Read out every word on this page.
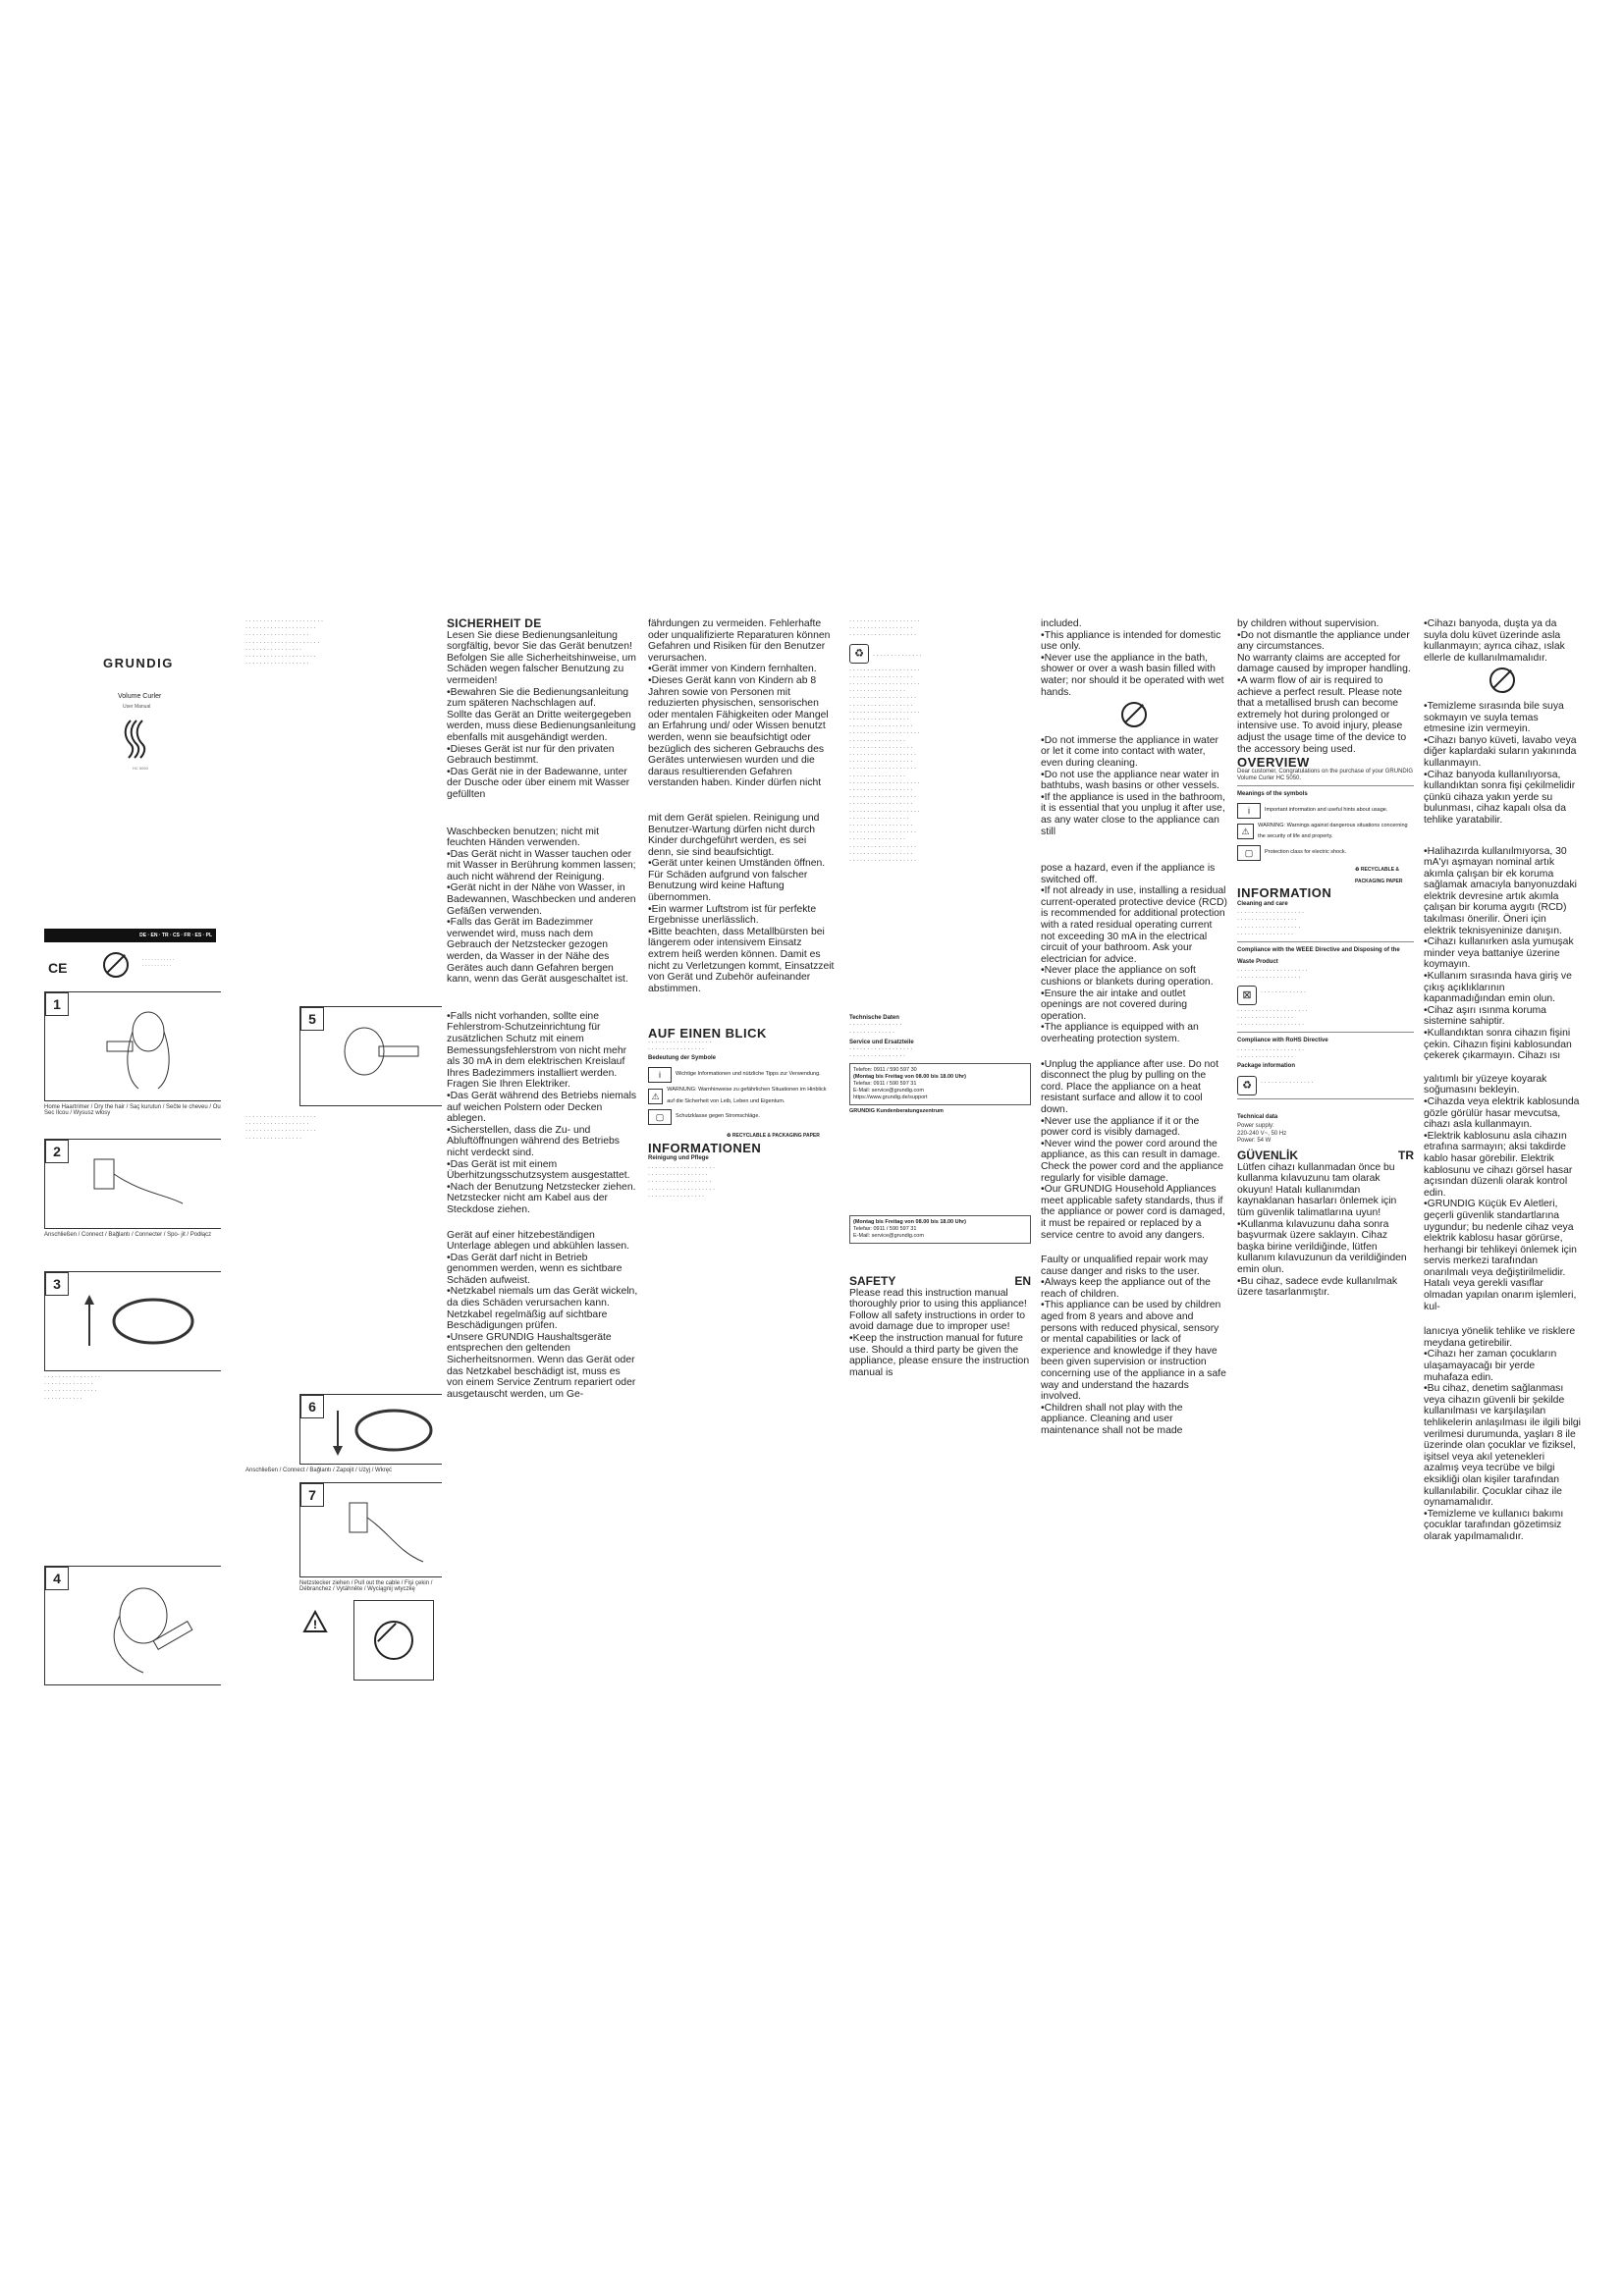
GRUNDIG
Volume Curler
User Manual
HC 5050
DE · EN · TR · CS · FR · ES · PL
CE	· · · · · · · · · · ·
· · · · · · · · · ·
1
Home Haartrimer / Dry the hair / Saç kurutun / Sečte le cheveu / Ou Sec Ilcou / Wysusz włosy
2
Anschließen / Connect / Bağlantı / Connecter / Spo- jit / Podłącz
3
· · · · · · · · · · · · · · · ·
· · · · · · · · · · · · · ·
· · · · · · · · · · · · · · ·
· · · · · · · · · · ·
4
· · · · · · · · · · · · · · · · · · · · · ·
· · · · · · · · · · · · · · · · · · · ·
· · · · · · · · · · · · · · · · · ·
· · · · · · · · · · · · · · · · · · · · ·
· · · · · · · · · · · · · · · ·
· · · · · · · · · · · · · · · · · · · ·
· · · · · · · · · · · · · · · · · ·
5
· · · · · · · · · · · · · · · · · · · ·
· · · · · · · · · · · · · · · · · ·
· · · · · · · · · · · · · · · · · · · ·
· · · · · · · · · · · · · · · ·
6
Anschließen / Connect / Bağlantı / Zapojit / Użyj / Wkręć
7
Netzstecker ziehen / Pull out the cable / Fişi çekin / Débranchez / Vytáhněte / Wyciągnij wtyczkę
!

SICHERHEIT DE

Lesen Sie diese Bedienungsanleitung sorgfältig, bevor Sie das Gerät benutzen! Befolgen Sie alle Sicherheitshinweise, um Schäden wegen falscher Benutzung zu vermeiden!

•Bewahren Sie die Bedienungsanleitung zum späteren Nachschlagen auf.

Sollte das Gerät an Dritte weitergegeben werden, muss diese Bedienungsanleitung ebenfalls mit ausgehändigt werden.

•Dieses Gerät ist nur für den privaten Gebrauch bestimmt.

•Das Gerät nie in der Badewanne, unter der Dusche oder über einem mit Wasser gefüllten

Waschbecken benutzen; nicht mit feuchten Händen verwenden.

•Das Gerät nicht in Wasser tauchen oder mit Wasser in Berührung kommen lassen; auch nicht während der Reinigung.

•Gerät nicht in der Nähe von Wasser, in Badewannen, Waschbecken und anderen Gefäßen verwenden.

•Falls das Gerät im Badezimmer verwendet wird, muss nach dem Gebrauch der Netzstecker gezogen werden, da Wasser in der Nähe des Gerätes auch dann Gefahren bergen kann, wenn das Gerät ausgeschaltet ist.

•Falls nicht vorhanden, sollte eine Fehlerstrom-Schutzeinrichtung für zusätzlichen Schutz mit einem Bemessungsfehlerstrom von nicht mehr als 30 mA in dem elektrischen Kreislauf Ihres Badezimmers installiert werden. Fragen Sie Ihren Elektriker.

•Das Gerät während des Betriebs niemals auf weichen Polstern oder Decken ablegen.

•Sicherstellen, dass die Zu- und Abluftöffnungen während des Betriebs nicht verdeckt sind.

•Das Gerät ist mit einem Überhitzungsschutzsystem ausgestattet.

•Nach der Benutzung Netzstecker ziehen. Netzstecker nicht am Kabel aus der Steckdose ziehen.

Gerät auf einer hitzebeständigen Unterlage ablegen und abkühlen lassen.

•Das Gerät darf nicht in Betrieb genommen werden, wenn es sichtbare Schäden aufweist.

•Netzkabel niemals um das Gerät wickeln, da dies Schäden verursachen kann. Netzkabel regelmäßig auf sichtbare Beschädigungen prüfen.

•Unsere GRUNDIG Haushaltsgeräte entsprechen den geltenden Sicherheitsnormen. Wenn das Gerät oder das Netzkabel beschädigt ist, muss es von einem Service Zentrum repariert oder ausgetauscht werden, um Ge-

fährdungen zu vermeiden. Fehlerhafte oder unqualifizierte Reparaturen können Gefahren und Risiken für den Benutzer verursachen.

•Gerät immer von Kindern fernhalten.

•Dieses Gerät kann von Kindern ab 8 Jahren sowie von Personen mit reduzierten physischen, sensorischen oder mentalen Fähigkeiten oder Mangel an Erfahrung und/ oder Wissen benutzt werden, wenn sie beaufsichtigt oder bezüglich des sicheren Gebrauchs des Gerätes unterwiesen wurden und die daraus resultierenden Gefahren verstanden haben. Kinder dürfen nicht

mit dem Gerät spielen. Reinigung und Benutzer-Wartung dürfen nicht durch Kinder durchgeführt werden, es sei denn, sie sind beaufsichtigt.

•Gerät unter keinen Umständen öffnen.

Für Schäden aufgrund von falscher Benutzung wird keine Haftung übernommen.

•Ein warmer Luftstrom ist für perfekte Ergebnisse unerlässlich.

•Bitte beachten, dass Metallbürsten bei längerem oder intensivem Einsatz extrem heiß werden können. Damit es nicht zu Verletzungen kommt, Einsatzzeit von Gerät und Zubehör aufeinander abstimmen.

AUF EINEN BLICK

· · · · · · · · · · · · · · · · · ·
· · · · · · · · · · · · · · · ·

Bedeutung der Symbole

i	Wichtige Informationen und nützliche Tipps zur Verwendung.
⚠
WARNUNG: Warnhinweise zu gefährlichen Situationen im Hinblick auf die Sicherheit von Leib, Leben und Eigentum.
▢	Schutzklasse gegen Stromschläge.
♻ RECYCLABLE & PACKAGING PAPER

INFORMATIONEN

Reinigung und Pflege

· · · · · · · · · · · · · · · · · · ·
· · · · · · · · · · · · · · · · ·
· · · · · · · · · · · · · · · · · ·
· · · · · · · · · · · · · · · · · · ·
· · · · · · · · · · · · · · · ·
· · · · · · · · · · · · · · · · · · · ·
· · · · · · · · · · · · · · · · · ·
· · · · · · · · · · · · · · · · · · ·
♻ · · · · · · · · · · · · · ·
· · · · · · · · · · · · · · · · · · · ·
· · · · · · · · · · · · · · · · · ·
· · · · · · · · · · · · · · · · · · · ·
· · · · · · · · · · · · · · · ·
· · · · · · · · · · · · · · · · · · ·
· · · · · · · · · · · · · · · · · ·
· · · · · · · · · · · · · · · · · · · ·
· · · · · · · · · · · · · · · · ·
· · · · · · · · · · · · · · · · · ·
· · · · · · · · · · · · · · · · · · · ·
· · · · · · · · · · · · · · · ·
· · · · · · · · · · · · · · · · · ·
· · · · · · · · · · · · · · · · · · ·
· · · · · · · · · · · · · · · · · ·
· · · · · · · · · · · · · · · · · · ·
· · · · · · · · · · · · · · · ·
· · · · · · · · · · · · · · · · · · · ·
· · · · · · · · · · · · · · · · · ·
· · · · · · · · · · · · · · · · · · ·
· · · · · · · · · · · · · · · · · ·
· · · · · · · · · · · · · · · · · · · ·
· · · · · · · · · · · · · · · · ·
· · · · · · · · · · · · · · · · · ·
· · · · · · · · · · · · · · · · · · ·
· · · · · · · · · · · · · · · ·
· · · · · · · · · · · · · · · · · · ·
· · · · · · · · · · · · · · · · · ·
· · · · · · · · · · · · · · · · · · ·

Technische Daten

· · · · · · · · · · · · · · ·
· · · · · · · · · · · · ·

Service und Ersatzteile

· · · · · · · · · · · · · · · · · ·
· · · · · · · · · · · · · · · ·
Telefon: 0911 / 590 597 30
(Montag bis Freitag von 08.00 bis 18.00 Uhr)
Telefax: 0911 / 590 597 31
E-Mail: service@grundig.com
https://www.grundig.de/support
GRUNDIG Kundenberatungszentrum
(Montag bis Freitag von 08.00 bis 18.00 Uhr)
Telefax: 0911 / 590 597 31
E-Mail: service@grundig.com
SAFETY	EN

Please read this instruction manual thoroughly prior to using this appliance! Follow all safety instructions in order to avoid damage due to improper use!

•Keep the instruction manual for future use. Should a third party be given the appliance, please ensure the instruction manual is

included.

•This appliance is intended for domestic use only.

•Never use the appliance in the bath, shower or over a wash basin filled with water; nor should it be operated with wet hands.

•Do not immerse the appliance in water or let it come into contact with water, even during cleaning.

•Do not use the appliance near water in bathtubs, wash basins or other vessels.

•If the appliance is used in the bathroom, it is essential that you unplug it after use, as any water close to the appliance can still

pose a hazard, even if the appliance is switched off.

•If not already in use, installing a residual current-operated protective device (RCD) is recommended for additional protection with a rated residual operating current not exceeding 30 mA in the electrical circuit of your bathroom. Ask your electrician for advice.

•Never place the appliance on soft cushions or blankets during operation.

•Ensure the air intake and outlet openings are not covered during operation.

•The appliance is equipped with an overheating protection system.

•Unplug the appliance after use. Do not disconnect the plug by pulling on the cord. Place the appliance on a heat resistant surface and allow it to cool down.

•Never use the appliance if it or the power cord is visibly damaged.

•Never wind the power cord around the appliance, as this can result in damage.

Check the power cord and the appliance regularly for visible damage.

•Our GRUNDIG Household Appliances meet applicable safety standards, thus if the appliance or power cord is damaged, it must be repaired or replaced by a service centre to avoid any dangers.

Faulty or unqualified repair work may cause danger and risks to the user.

•Always keep the appliance out of the reach of children.

•This appliance can be used by children aged from 8 years and above and persons with reduced physical, sensory or mental capabilities or lack of experience and knowledge if they have been given supervision or instruction concerning use of the appliance in a safe way and understand the hazards involved.

•Children shall not play with the appliance. Cleaning and user maintenance shall not be made

by children without supervision.

•Do not dismantle the appliance under any circumstances.

No warranty claims are accepted for damage caused by improper handling.

•A warm flow of air is required to achieve a perfect result. Please note that a metallised brush can become extremely hot during prolonged or intensive use. To avoid injury, please adjust the usage time of the device to the accessory being used.

OVERVIEW

Dear customer, Congratulations on the purchase of your GRUNDIG Volume Curler HC 5050.

Meanings of the symbols

i	Important information and useful hints about usage.
⚠
WARNING: Warnings against dangerous situations concerning the security of life and property.
▢	Protection class for electric shock.
♻ RECYCLABLE & PACKAGING PAPER

INFORMATION

Cleaning and care

· · · · · · · · · · · · · · · · · · ·
· · · · · · · · · · · · · · · · ·
· · · · · · · · · · · · · · · · · ·
· · · · · · · · · · · · · · · ·

Compliance with the WEEE Directive and Disposing of the Waste Product

· · · · · · · · · · · · · · · · · · · ·
· · · · · · · · · · · · · · · · · ·
⊠ · · · · · · · · · · · · ·
· · · · · · · · · · · · · · · · · · · ·
· · · · · · · · · · · · · · · ·
· · · · · · · · · · · · · · · · · · ·

Compliance with RoHS Directive

· · · · · · · · · · · · · · · · · · ·
· · · · · · · · · · · · · · · ·

Package information

♻ · · · · · · · · · · · · · · ·

Technical data

Power supply:
220-240 V~, 50 Hz
Power: 54 W
GÜVENLİK	TR

Lütfen cihazı kullanmadan önce bu kullanma kılavuzunu tam olarak okuyun! Hatalı kullanımdan kaynaklanan hasarları önlemek için tüm güvenlik talimatlarına uyun!

•Kullanma kılavuzunu daha sonra başvurmak üzere saklayın. Cihaz başka birine verildiğinde, lütfen kullanım kılavuzunun da verildiğinden emin olun.

•Bu cihaz, sadece evde kullanılmak üzere tasarlanmıştır.

•Cihazı banyoda, duşta ya da suyla dolu küvet üzerinde asla kullanmayın; ayrıca cihaz, ıslak ellerle de kullanılmamalıdır.

•Temizleme sırasında bile suya sokmayın ve suyla temas etmesine izin vermeyin.

•Cihazı banyo küveti, lavabo veya diğer kaplardaki suların yakınında kullanmayın.

•Cihaz banyoda kullanılıyorsa, kullandıktan sonra fişi çekilmelidir çünkü cihaza yakın yerde su bulunması, cihaz kapalı olsa da tehlike yaratabilir.

•Halihazırda kullanılmıyorsa, 30 mA'yı aşmayan nominal artık akımla çalışan bir ek koruma sağlamak amacıyla banyonuzdaki elektrik devresine artık akımla çalışan bir koruma aygıtı (RCD) takılması önerilir. Öneri için elektrik teknisyeninize danışın.

•Cihazı kullanırken asla yumuşak minder veya battaniye üzerine koymayın.

•Kullanım sırasında hava giriş ve çıkış açıklıklarının kapanmadığından emin olun.

•Cihaz aşırı ısınma koruma sistemine sahiptir.

•Kullandıktan sonra cihazın fişini çekin. Cihazın fişini kablosundan çekerek çıkarmayın. Cihazı ısı

yalıtımlı bir yüzeye koyarak soğumasını bekleyin.

•Cihazda veya elektrik kablosunda gözle görülür hasar mevcutsa, cihazı asla kullanmayın.

•Elektrik kablosunu asla cihazın etrafına sarmayın; aksi takdirde kablo hasar görebilir. Elektrik kablosunu ve cihazı görsel hasar açısından düzenli olarak kontrol edin.

•GRUNDIG Küçük Ev Aletleri, geçerli güvenlik standartlarına uygundur; bu nedenle cihaz veya elektrik kablosu hasar görürse, herhangi bir tehlikeyi önlemek için servis merkezi tarafından onarılmalı veya değiştirilmelidir. Hatalı veya gerekli vasıflar olmadan yapılan onarım işlemleri, kul-

lanıcıya yönelik tehlike ve risklere meydana getirebilir.

•Cihazı her zaman çocukların ulaşamayacağı bir yerde muhafaza edin.

•Bu cihaz, denetim sağlanması veya cihazın güvenli bir şekilde kullanılması ve karşılaşılan tehlikelerin anlaşılması ile ilgili bilgi verilmesi durumunda, yaşları 8 ile üzerinde olan çocuklar ve fiziksel, işitsel veya akıl yetenekleri azalmış veya tecrübe ve bilgi eksikliği olan kişiler tarafından kullanılabilir. Çocuklar cihaz ile oynamamalıdır.

•Temizleme ve kullanıcı bakımı çocuklar tarafından gözetimsiz olarak yapılmamalıdır.
